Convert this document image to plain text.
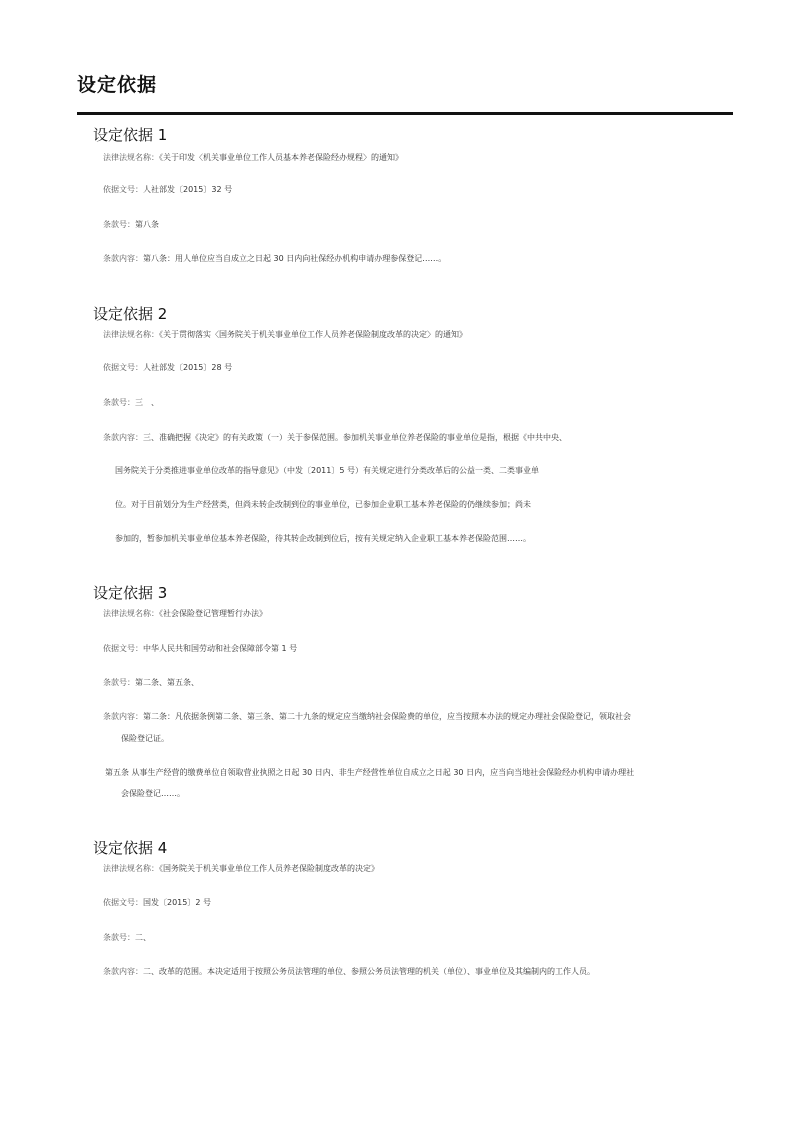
设定依据
设定依据 1
法律法规名称：《关于印发〈机关事业单位工作人员基本养老保险经办规程〉的通知》
依据文号：人社部发〔2015〕32 号
条款号：第八条
条款内容：第八条：用人单位应当自成立之日起 30 日内向社保经办机构申请办理参保登记……。
设定依据 2
法律法规名称：《关于贯彻落实〈国务院关于机关事业单位工作人员养老保险制度改革的决定〉的通知》
依据文号：人社部发〔2015〕28 号
条款号：三　、
条款内容：三、准确把握《决定》的有关政策（一）关于参保范围。参加机关事业单位养老保险的事业单位是指，根据《中共中央、
国务院关于分类推进事业单位改革的指导意见》（中发〔2011〕5 号）有关规定进行分类改革后的公益一类、二类事业单
位。对于目前划分为生产经营类，但尚未转企改制到位的事业单位，已参加企业职工基本养老保险的仍继续参加；尚未
参加的，暂参加机关事业单位基本养老保险，待其转企改制到位后，按有关规定纳入企业职工基本养老保险范围……。
设定依据 3
法律法规名称：《社会保险登记管理暂行办法》
依据文号：中华人民共和国劳动和社会保障部令第 1 号
条款号：第二条、第五条、
条款内容：第二条：凡依据条例第二条、第三条、第二十九条的规定应当缴纳社会保险费的单位，应当按照本办法的规定办理社会保险登记，领取社会
保险登记证。
第五条 从事生产经营的缴费单位自领取营业执照之日起 30 日内、非生产经营性单位自成立之日起 30 日内，应当向当地社会保险经办机构申请办理社
会保险登记……。
设定依据 4
法律法规名称：《国务院关于机关事业单位工作人员养老保险制度改革的决定》
依据文号：国发〔2015〕2 号
条款号：二、
条款内容：二、改革的范围。本决定适用于按照公务员法管理的单位、参照公务员法管理的机关（单位）、事业单位及其编制内的工作人员。
